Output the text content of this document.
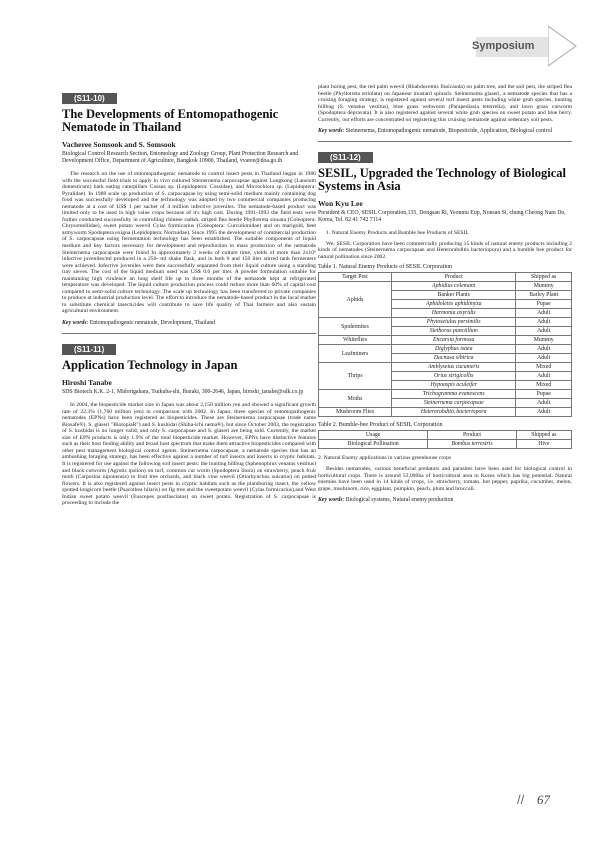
Symposium
(S11-10)
The Developments of Entomopathogenic Nematode in Thailand
Vacheree Somsook and S. Somsook
Biological Control Research Section, Entomology and Zoology Group, Plant Protection Research and Development Office, Department of Agriculture, Bangkok 10900, Thailand, vvaree@doa.go.th

The research on the use of entomopathogenic nematode to control insect pests in Thailand began in 1986 with the successful field trials to apply in vivo cultured Steinernema carpocapsae against Longkong (Lansium domesticum) bark eating caterpillars Cossus sp. (Lepidoptera: Cossidae), and Microchlora sp. (Lepidoptera: Pyralidae). In 1988 scale up production of S. carpocapsae by using semi-solid medium mainly containing dog food was successfully developed and the technology was adopted by two commercial companies producing nematode at a cost of US$ 1 per sachet of 4 million infective juveniles. The nematode-based product was limited only to be used in high value crops because of it's high cost. During 1991-1993 the field tests were further conducted successfully in controlling chinese radish, striped flea beetle Phyllotreta sinuata (Coleoptera: Chrysomellidae), sweet potato weevil Cylas formicarius (Coleoptera: Curculionidae) and on marigold, beet armyworm Spodoptera exigua (Lepidoptera: Noctuidae). Since 1995 the development of commercial production of S. carpocapsae using fermentation technology has been established. The suitable components of liquid medium and key factors necessary for development and reproduction in mass production of the nematode Steinernema carpocapsae were found In approximately 2 weeks of culture time, yields of more than 2x10⁵ infective juveniles/ml produced in a 250- ml shake flask, and in both 6 and 150 liter stirred tank fermenters were achieved. Infective juveniles were then successfully separated from their liquid culture using a standing tray sieves. The cost of the liquid medium used was US$ 0.6 per liter. A powder formulation suitable for maintaining high virulence an long shelf life up to three months of the nematode kept at refrigerated temperature was developed. The liquid culture production process could reduce more than 60% of capital cost compared to semi-solid culture technology. The scale up technology has been transferred to private companies to produce at industrial production level. The effort to introduce the nematode-based product in the local market to substitute chemical insecticides will contribute to save life quality of Thai farmers and also sustain agricultural environment.

Key words: Entomopathogenic nematode, Development, Thailand
(S11-11)
Application Technology in Japan
Hiroshi Tanabe
SDS Biotech K.K. 2-1, Midorigahara, Tsukuba-shi, Ibaraki, 300-2646, Japan, hiroshi_tanabe@sdk.co.jp

In 2004, the biopesticide market size in Japan was about 2,150 million yen and showed a significant growth rate of 22.3% (1,760 million yen) in comparison with 2002. In Japan, three species of entomopathogenic nematodes (EPNs) have been registered as biopesticides. These are Steinernema carpocapsae (trade name Biosafe®), S. glaseri "BiotopiaR") and S. kushidai (Shiba-ichi nema®), but since October 2003, the registration of S. kushidai is no longer valid, and only S. carpocapsae and S. glaseri are being sold. Currently, the market size of EPN products is only 1.9% of the total biopesticide market. However, EPNs have distinctive features such as their host finding ability and broad host spectrum that make them attractive biopesticides compared with other pest management biological control agents. Steinernema carpocapsae, a nematode species that has an ambushing foraging strategy, has been effective against a number of turf insects and insects in cryptic habitats. It is registered for use against the following soil insect pests: the hunting billbug (Sphenophrus venatus vestitus) and black cutworm (Agrotis ipsilon) on turf, common cut worm (Spodoptera litura) on strawberry, peach fruit moth (Carposina niponensis) in fruit tree orchards, and black vine weevil (Otiorhynchus sulcatus) on potted flowers. It is also registered against insect pests in cryptic habitats such as the plantboring insect, the yellow spotted longicorn beetle (Psacothea hilaris) on fig tree and the sweetpotato weevil (Cylas formicarius),and West Indian sweet potato weevil (Euscepes postfasciatus) on sweet potato. Registration of S. carpocapsae is proceeding to include the

plant boring pest, the red palm weevil (Rhabdocemis fissicauda) on palm tree, and the soil pest, the striped flea beetle (Phyllotreta striolata) on Japanese mustard spinach. Steinernema glaseri, a nematode species that has a cruising foraging strategy, is registered against several turf insect pests including white grub species, hunting billbug (S. venatus vestitus), blue grass webworm (Parapediasia teterrella), and lawn grass cutworm (Spodoptera depravata). It is also registered against several white grub species on sweet potato and blue berry. Currently, our efforts are concentrated on registering this cruising nematode against sedentary soil pests.

Key words: Steinernema, Entomopathogenic nematode, Biopesticide, Application, Biological control
(S11-12)
SESIL, Upgraded the Technology of Biological Systems in Asia
Won Kyu Lee
President & CEO, SESIL Corporation,135, Dongsan Ri, Yeonmu Eup, Nonsan Si, chung Cheong Nam Do, Korea, Tel. 82 41 742 7114

1. Natural Enemy Products and Bumble bee Products of SESIL

We, SESIL Corporation have been commercially producing 15 kinds of natural enemy products including 2 kinds of nematodes (Steinernema carpocapsae and Heterorabditis bacteriopora) and a bumble bee product for natural pollination since 2002.

Table 1. Natural Enemy Products of SESIL Corporation
Target Pest	Product	Shipped as
Aphids	Aphidius colemani	Mummy
	Banker Plants	Barley Plant
	Aphidoletes aphidimyza	Pupae
	Harmonia axyridis	Adult
Spidermites	Phytoseiulus persimilis	Adult
	Stethorus punctillum	Adult
Whiteflies	Encarsia formosa	Mummy
Leafminers	Diglyphus isaea	Adult
	Dacnusa sibirica	Adult
Thrips	Amblyseius cucumeris	Mixed
	Orius strigicollis	Adult
	Hypoaspis aculeifer	Mixed
Moths	Trichogramma evanescens	Pupae
	Steinernema carpocapsae	Adult
Mushroom Flies	Heterorabditis bacteriopora	Adult
Table 2. Bumble-bee Product of SESIL Corporation
Usage	Product	Shipped as
Biological Pollination	Bombus terrestris	Hive

2. Natural Enemy applications in various greenhouse crops

Besides nematodes, various beneficial predators and parasites have been used for biological control in horticultural crops. There is around 53,000ha of horticultural area in Korea which has big potential. Natural enemies have been used in 14 kinds of crops, i.e. strawberry, tomato, hot pepper, paprika, cucumber, melon, grape, mushroom, rice, eggplant, pumpkin, peach, plum and broccoli.

Key words: Biological systems, Natural enemy production
// 67
